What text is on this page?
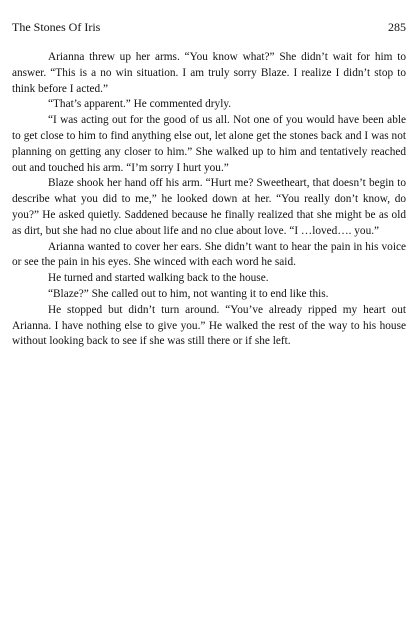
The Stones Of Iris	285

Arianna threw up her arms. “You know what?” She didn’t wait for him to answer. “This is a no win situation. I am truly sorry Blaze. I realize I didn’t stop to think before I acted.”

“That’s apparent.” He commented dryly.

“I was acting out for the good of us all. Not one of you would have been able to get close to him to find anything else out, let alone get the stones back and I was not planning on getting any closer to him.” She walked up to him and tentatively reached out and touched his arm. “I’m sorry I hurt you.”

Blaze shook her hand off his arm. “Hurt me? Sweetheart, that doesn’t begin to describe what you did to me,” he looked down at her. “You really don’t know, do you?” He asked quietly. Saddened because he finally realized that she might be as old as dirt, but she had no clue about life and no clue about love. “I …loved…. you.”

Arianna wanted to cover her ears. She didn’t want to hear the pain in his voice or see the pain in his eyes. She winced with each word he said.

He turned and started walking back to the house.

“Blaze?” She called out to him, not wanting it to end like this.

He stopped but didn’t turn around. “You’ve already ripped my heart out Arianna. I have nothing else to give you.” He walked the rest of the way to his house without looking back to see if she was still there or if she left.
